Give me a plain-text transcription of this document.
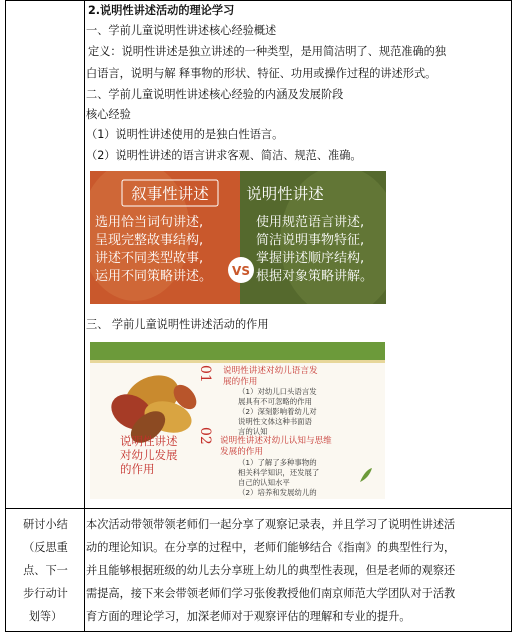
2.说明性讲述活动的理论学习
一、学前儿童说明性讲述核心经验概述
定义：说明性讲述是独立讲述的一种类型，是用简洁明了、规范准确的独
白语言，说明与解 释事物的形状、特征、功用或操作过程的讲述形式。
二、学前儿童说明性讲述核心经验的内涵及发展阶段
核心经验
（1）说明性讲述使用的是独白性语言。
（2）说明性讲述的语言讲求客观、简洁、规范、准确。
叙事性讲述 说明性讲述
选用恰当词句讲述,
呈现完整故事结构,
讲述不同类型故事,
运用不同策略讲述。
使用规范语言讲述,
简洁说明事物特征,
掌握讲述顺序结构,
根据对象策略讲解。
VS
三、 学前儿童说明性讲述活动的作用
说明性讲述
对幼儿发展
的作用
01
02
说明性讲述对幼儿语言发
展的作用
说明性讲述对幼儿认知与思维
发展的作用
（1）对幼儿口头语言发
展具有不可忽略的作用
（2）深刻影响着幼儿对
说明性文体这种书面语
言的认知
（1）了解了多种事物的
相关科学知识，还发展了
自己的认知水平
（2）培养和发展幼儿的
研讨小结
（反思重
点、下一
步行动计
划等）
本次活动带领带领老师们一起分享了观察记录表，并且学习了说明性讲述活
动的理论知识。在分享的过程中，老师们能够结合《指南》的典型性行为，
并且能够根据班级的幼儿去分享班上幼儿的典型性表现，但是老师的观察还
需提高，接下来会带领老师们学习张俊教授他们南京师范大学团队对于活教
育方面的理论学习，加深老师对于观察评估的理解和专业的提升。
